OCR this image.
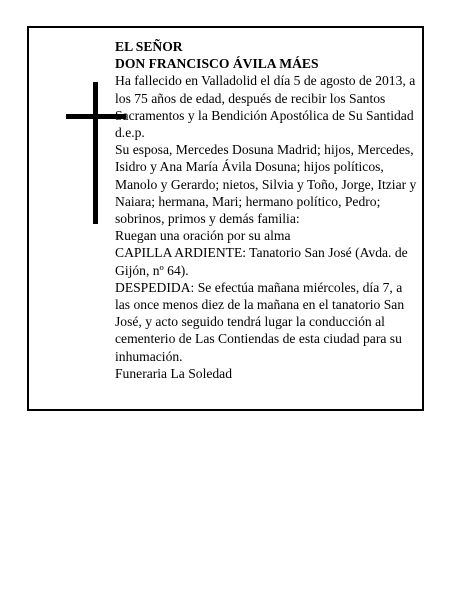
EL SEÑOR

DON FRANCISCO ÁVILA MÁES

Ha fallecido en Valladolid el día 5 de agosto de 2013, a los 75 años de edad, después de recibir los Santos Sacramentos y la Bendición Apostólica de Su Santidad d.e.p.

Su esposa, Mercedes Dosuna Madrid; hijos, Mercedes, Isidro y Ana María Ávila Dosuna; hijos políticos, Manolo y Gerardo; nietos, Silvia y Toño, Jorge, Itziar y Naiara; hermana, Mari; hermano político, Pedro; sobrinos, primos y demás familia:

Ruegan una oración por su alma

CAPILLA ARDIENTE: Tanatorio San José (Avda. de Gijón, nº 64).

DESPEDIDA: Se efectúa mañana miércoles, día 7, a las once menos diez de la mañana en el tanatorio San José, y acto seguido tendrá lugar la conducción al cementerio de Las Contiendas de esta ciudad para su inhumación.

Funeraria La Soledad
